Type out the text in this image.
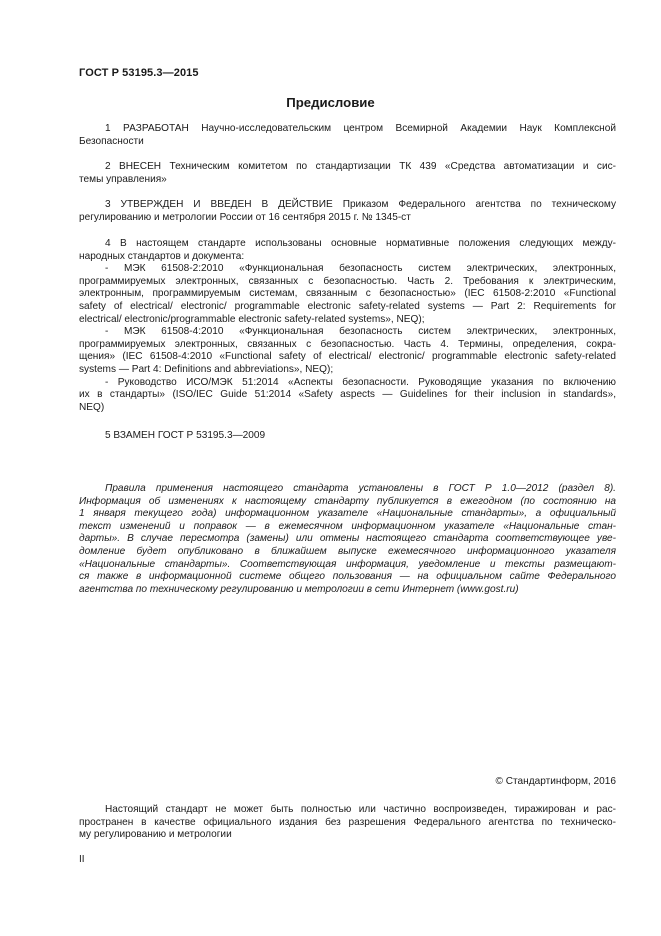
ГОСТ Р 53195.3—2015
Предисловие

1 РАЗРАБОТАН Научно-исследовательским центром Всемирной Академии Наук Комплексной

Безопасности

2 ВНЕСЕН Техническим комитетом по стандартизации ТК 439 «Средства автоматизации и сис-

темы управления»

3 УТВЕРЖДЕН И ВВЕДЕН В ДЕЙСТВИЕ Приказом Федерального агентства по техническому

регулированию и метрологии России от 16 сентября 2015 г. № 1345-ст

4 В настоящем стандарте использованы основные нормативные положения следующих между-

народных стандартов и документа:
- МЭК 61508-2:2010 «Функциональная безопасность систем электрических, электронных,
программируемых электронных, связанных с безопасностью. Часть 2. Требования к электрическим,
электронным, программируемым системам, связанным с безопасностью» (IEC 61508-2:2010 «Functional
safety of electrical/ electronic/ programmable electronic safety-related systems — Part 2: Requirements for
electrical/ electronic/programmable electronic safety-related systems», NEQ);
- МЭК 61508-4:2010 «Функциональная безопасность систем электрических, электронных,
программируемых электронных, связанных с безопасностью. Часть 4. Термины, определения, сокра-
щения» (IEC 61508-4:2010 «Functional safety of electrical/ electronic/ programmable electronic safety-related
systems — Part 4: Definitions and abbreviations», NEQ);
- Руководство ИСО/МЭК 51:2014 «Аспекты безопасности. Руководящие указания по включению
их в стандарты» (ISO/IEC Guide 51:2014 «Safety aspects — Guidelines for their inclusion in standards»,
NEQ)

5 ВЗАМЕН ГОСТ Р 53195.3—2009

Правила применения настоящего стандарта установлены в ГОСТ Р 1.0—2012 (раздел 8).

Информация об изменениях к настоящему стандарту публикуется в ежегодном (по состоянию на
1 января текущего года) информационном указателе «Национальные стандарты», а официальный
текст изменений и поправок — в ежемесячном информационном указателе «Национальные стан-
дарты». В случае пересмотра (замены) или отмены настоящего стандарта соответствующее уве-
домление будет опубликовано в ближайшем выпуске ежемесячного информационного указателя
«Национальные стандарты». Соответствующая информация, уведомление и тексты размещают-
ся также в информационной системе общего пользования — на официальном сайте Федерального
агентства по техническому регулированию и метрологии в сети Интернет (www.gost.ru)
© Стандартинформ, 2016

Настоящий стандарт не может быть полностью или частично воспроизведен, тиражирован и рас-

пространен в качестве официального издания без разрешения Федерального агентства по техническо-
му регулированию и метрологии
II
